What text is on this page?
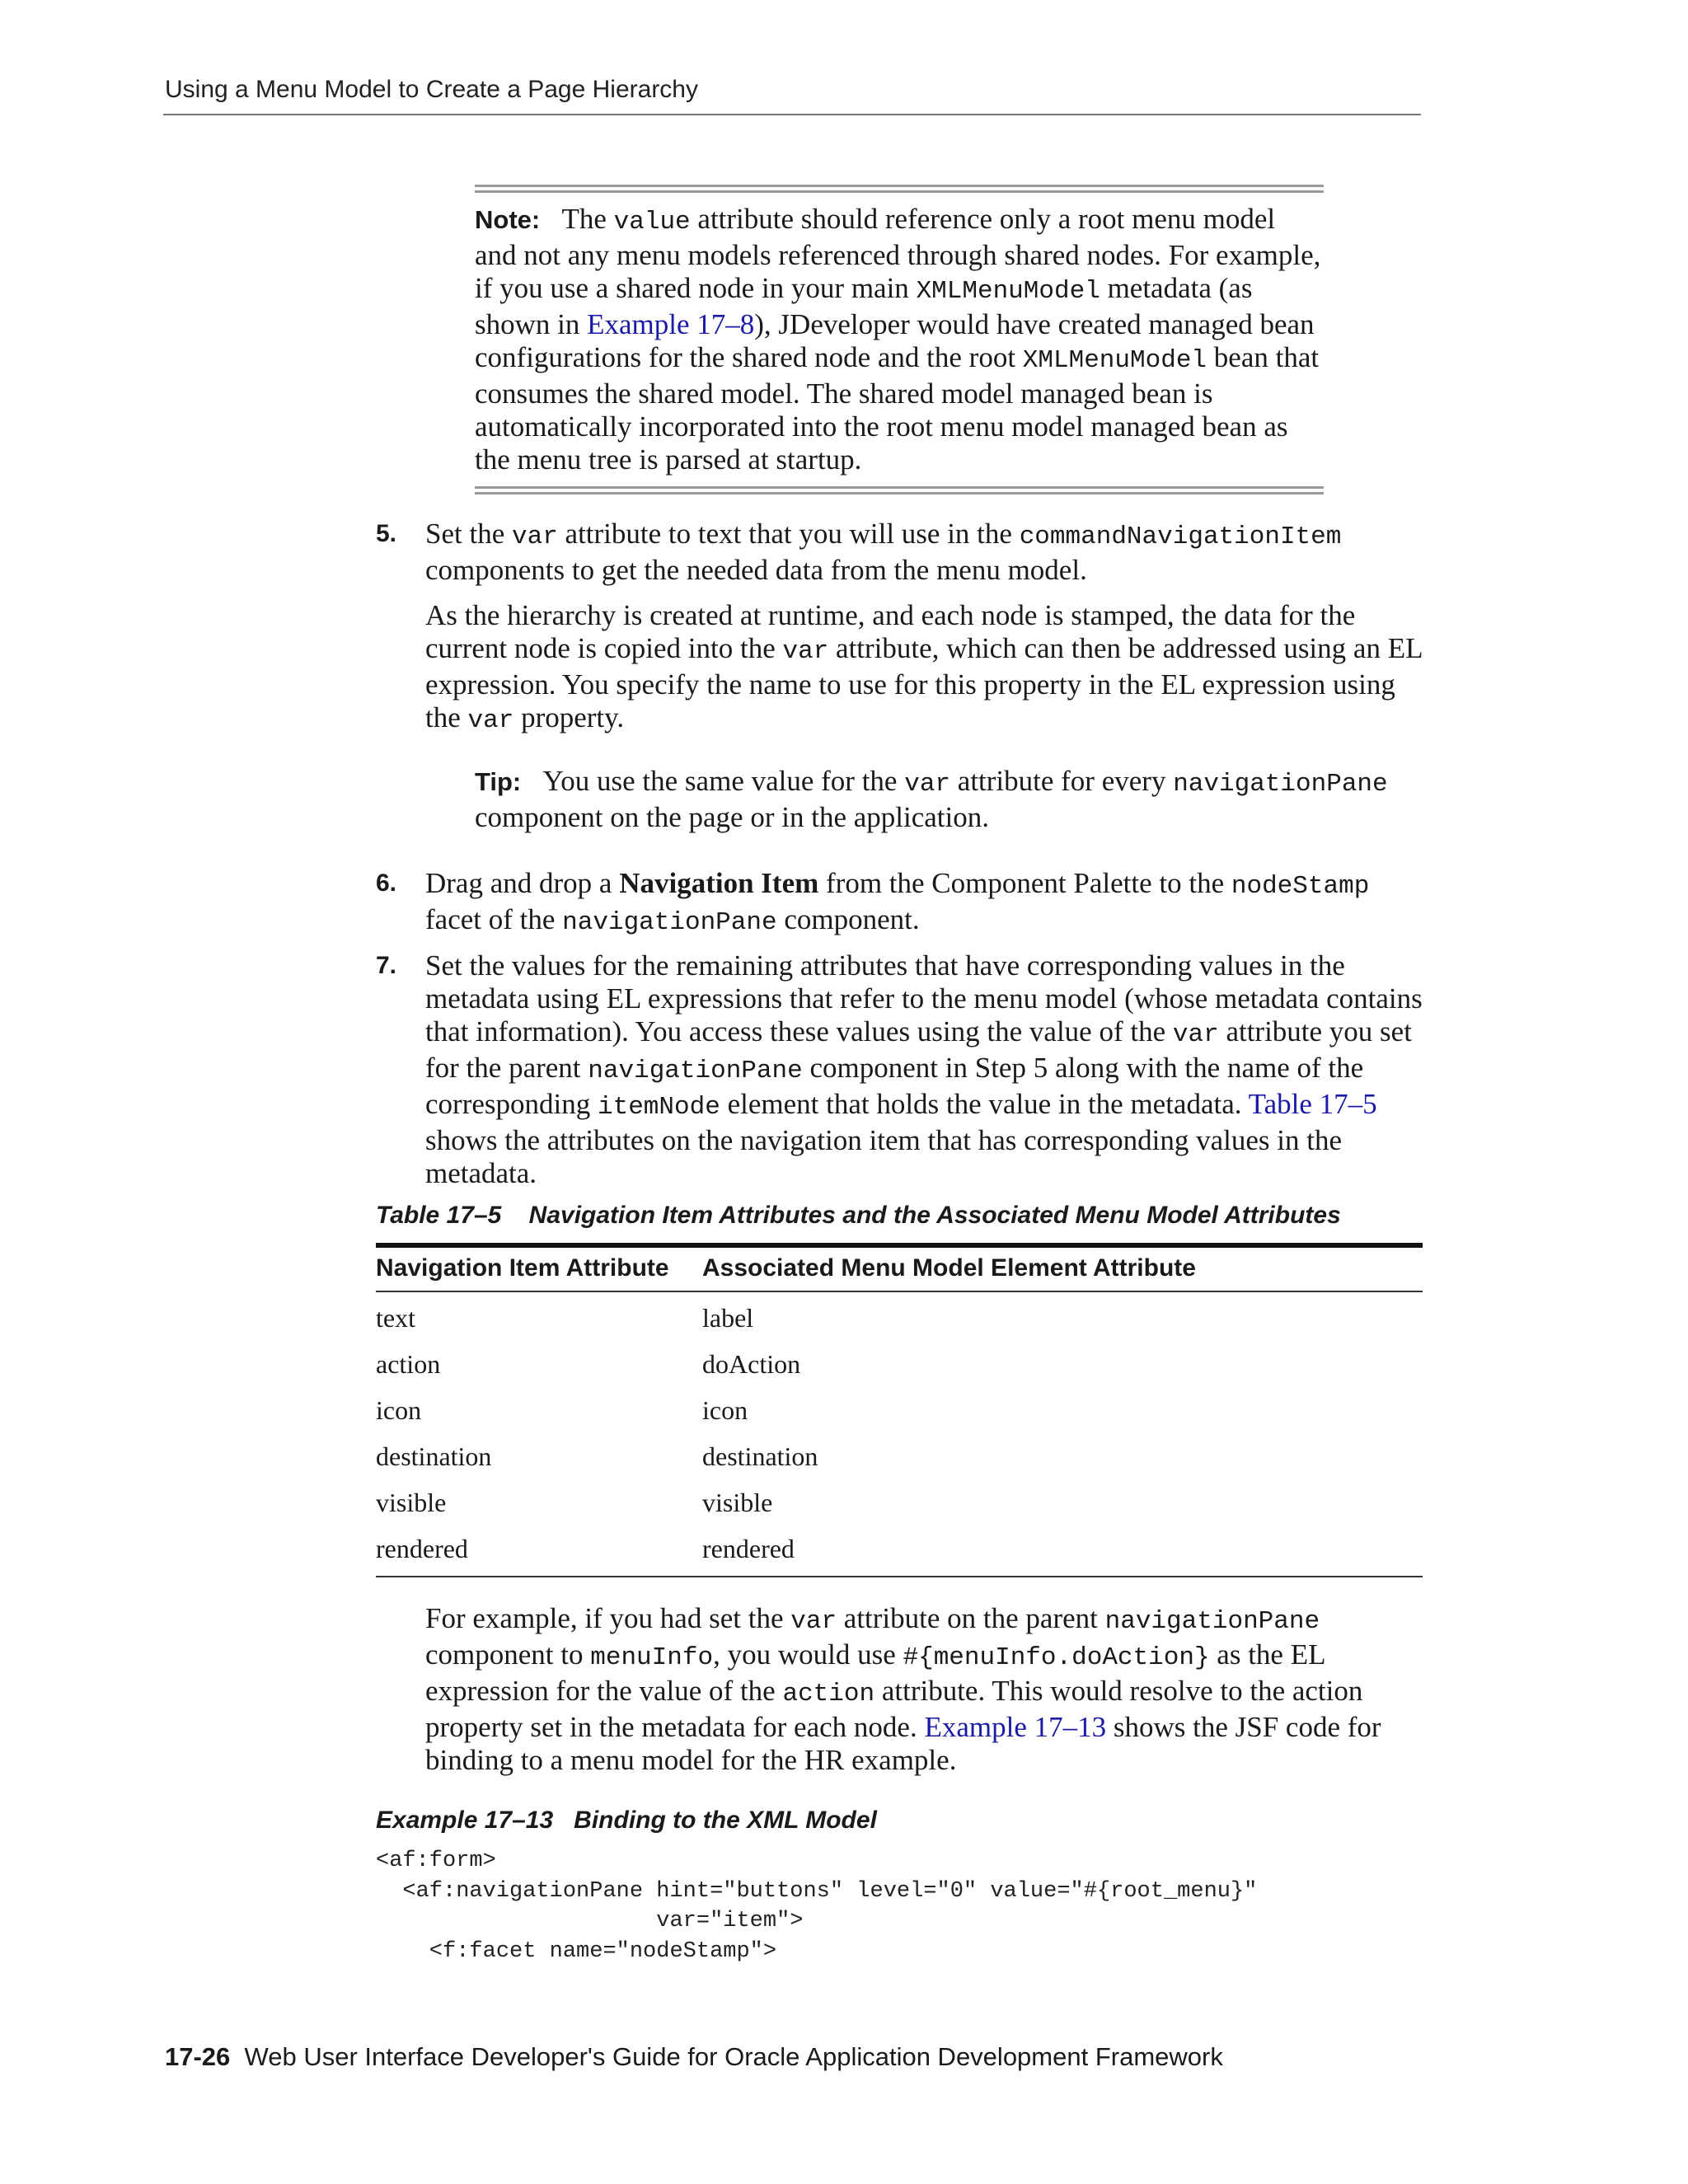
Using a Menu Model to Create a Page Hierarchy
Note: The value attribute should reference only a root menu model and not any menu models referenced through shared nodes. For example, if you use a shared node in your main XMLMenuModel metadata (as shown in Example 17–8), JDeveloper would have created managed bean configurations for the shared node and the root XMLMenuModel bean that consumes the shared model. The shared model managed bean is automatically incorporated into the root menu model managed bean as the menu tree is parsed at startup.
5. Set the var attribute to text that you will use in the commandNavigationItem components to get the needed data from the menu model.
As the hierarchy is created at runtime, and each node is stamped, the data for the current node is copied into the var attribute, which can then be addressed using an EL expression. You specify the name to use for this property in the EL expression using the var property.
Tip: You use the same value for the var attribute for every navigationPane component on the page or in the application.
6. Drag and drop a Navigation Item from the Component Palette to the nodeStamp facet of the navigationPane component.
7. Set the values for the remaining attributes that have corresponding values in the metadata using EL expressions that refer to the menu model (whose metadata contains that information). You access these values using the value of the var attribute you set for the parent navigationPane component in Step 5 along with the name of the corresponding itemNode element that holds the value in the metadata. Table 17–5 shows the attributes on the navigation item that has corresponding values in the metadata.
Table 17–5 Navigation Item Attributes and the Associated Menu Model Attributes
Navigation Item Attribute	Associated Menu Model Element Attribute
text	label
action	doAction
icon	icon
destination	destination
visible	visible
rendered	rendered
For example, if you had set the var attribute on the parent navigationPane component to menuInfo, you would use #{menuInfo.doAction} as the EL expression for the value of the action attribute. This would resolve to the action property set in the metadata for each node. Example 17–13 shows the JSF code for binding to a menu model for the HR example.
Example 17–13 Binding to the XML Model
<af:form>
<af:navigationPane hint="buttons" level="0" value="#{root_menu}"
var="item">
<f:facet name="nodeStamp">
17-26 Web User Interface Developer's Guide for Oracle Application Development Framework
